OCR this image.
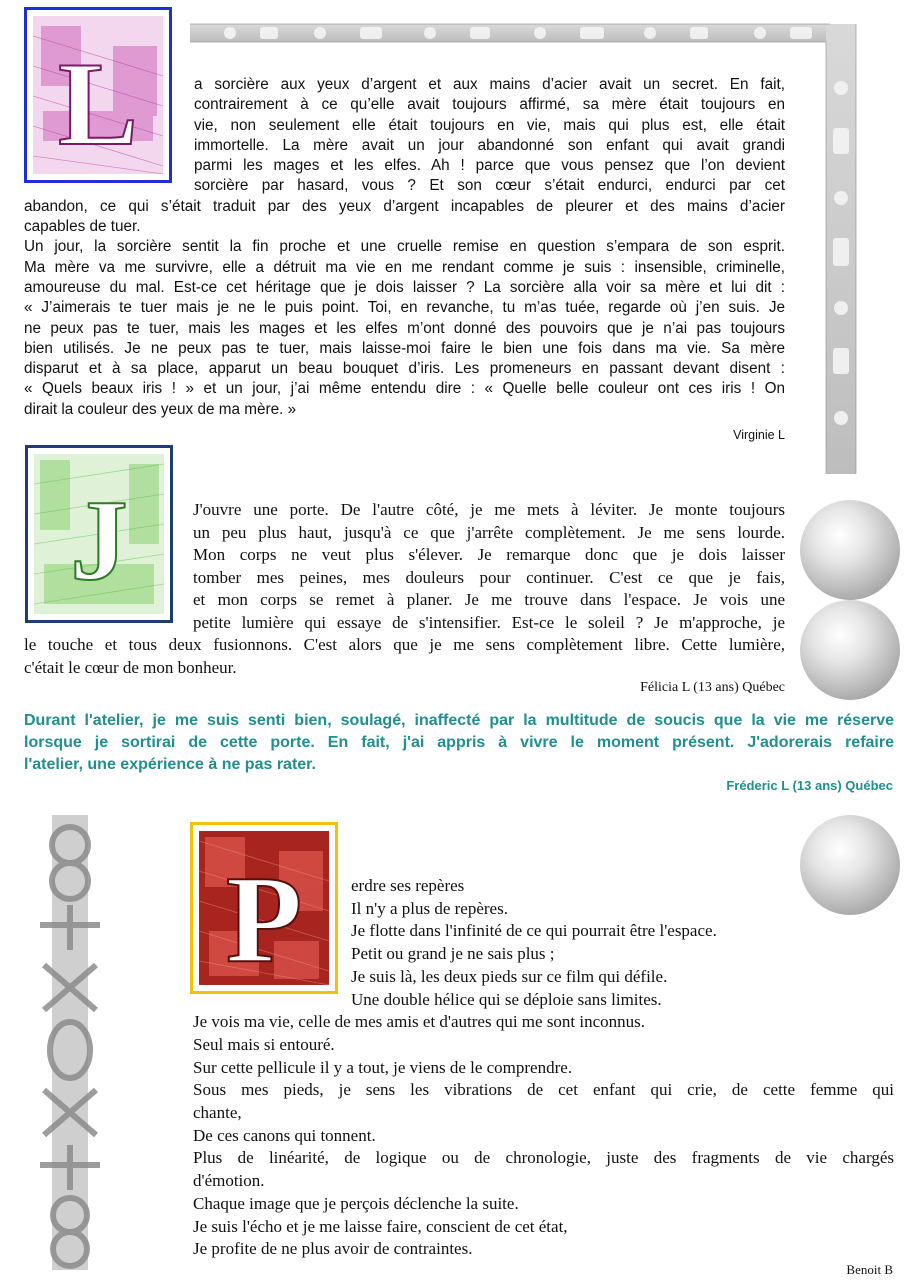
L	a sorcière aux yeux d’argent et aux mains d’acier avait un secret. En fait,
contrairement à ce qu’elle avait toujours affirmé, sa mère était toujours en
vie, non seulement elle était toujours en vie, mais qui plus est, elle était
immortelle. La mère avait un jour abandonné son enfant qui avait grandi
parmi les mages et les elfes. Ah ! parce que vous pensez que l’on devient
sorcière par hasard, vous ? Et son cœur s’était endurci, endurci par cet
abandon, ce qui s’était traduit par des yeux d’argent incapables de pleurer et des mains d’acier
capables de tuer.
Un jour, la sorcière sentit la fin proche et une cruelle remise en question s’empara de son esprit.
Ma mère va me survivre, elle a détruit ma vie en me rendant comme je suis : insensible, criminelle,
amoureuse du mal. Est-ce cet héritage que je dois laisser ? La sorcière alla voir sa mère et lui dit :
« J’aimerais te tuer mais je ne le puis point. Toi, en revanche, tu m’as tuée, regarde où j’en suis. Je
ne peux pas te tuer, mais les mages et les elfes m’ont donné des pouvoirs que je n’ai pas toujours
bien utilisés. Je ne peux pas te tuer, mais laisse-moi faire le bien une fois dans ma vie. Sa mère
disparut et à sa place, apparut un beau bouquet d’iris. Les promeneurs en passant devant disent :
« Quels beaux iris ! » et un jour, j’ai même entendu dire : « Quelle belle couleur ont ces iris ! On
dirait la couleur des yeux de ma mère. »
Virginie L
J	J'ouvre une porte. De l'autre côté, je me mets à léviter. Je monte toujours
un peu plus haut, jusqu'à ce que j'arrête complètement. Je me sens lourde.
Mon corps ne veut plus s'élever. Je remarque donc que je dois laisser
tomber mes peines, mes douleurs pour continuer. C'est ce que je fais,
et mon corps se remet à planer. Je me trouve dans l'espace. Je vois une
petite lumière qui essaye de s'intensifier. Est-ce le soleil ? Je m'approche, je
le touche et tous deux fusionnons. C'est alors que je me sens complètement libre. Cette lumière,
c'était le cœur de mon bonheur.
Félicia L (13 ans) Québec
Durant l'atelier, je me suis senti bien, soulagé, inaffecté par la multitude de soucis que la vie me réserve
lorsque je sortirai de cette porte. En fait, j'ai appris à vivre le moment présent. J'adorerais refaire
l'atelier, une expérience à ne pas rater.
Fréderic L (13 ans) Québec
P	erdre ses repères
Il n'y a plus de repères.
Je flotte dans l'infinité de ce qui pourrait être l'espace.
Petit ou grand je ne sais plus ;
Je suis là, les deux pieds sur ce film qui défile.
Une double hélice qui se déploie sans limites.
Je vois ma vie, celle de mes amis et d'autres qui me sont inconnus.
Seul mais si entouré.
Sur cette pellicule il y a tout, je viens de le comprendre.
Sous mes pieds, je sens les vibrations de cet enfant qui crie, de cette femme qui
chante,
De ces canons qui tonnent.
Plus de linéarité, de logique ou de chronologie, juste des fragments de vie chargés
d'émotion.
Chaque image que je perçois déclenche la suite.
Je suis l'écho et je me laisse faire, conscient de cet état,
Je profite de ne plus avoir de contraintes.
Benoit B
